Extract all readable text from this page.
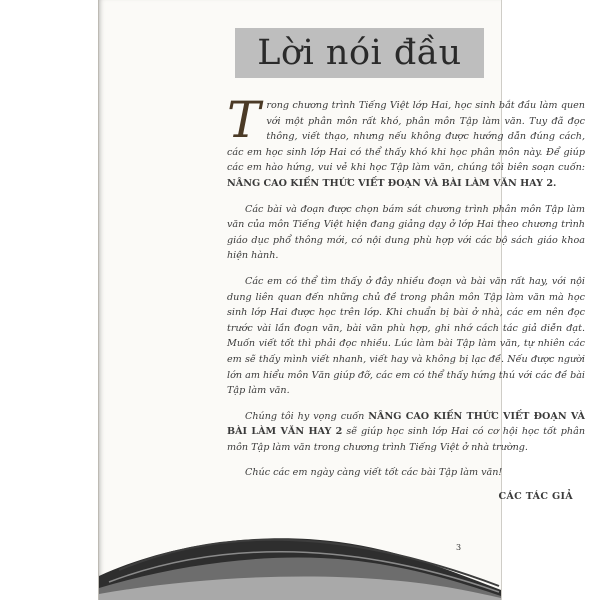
Lời nói đầu

Trong chương trình Tiếng Việt lớp Hai, học sinh bắt đầu làm quen với một phân môn rất khó, phân môn Tập làm văn. Tuy đã đọc thông, viết thạo, nhưng nếu không được hướng dẫn đúng cách, các em học sinh lớp Hai có thể thấy khó khi học phân môn này. Để giúp các em hào hứng, vui vẻ khi học Tập làm văn, chúng tôi biên soạn cuốn: NÂNG CAO KIẾN THỨC VIẾT ĐOẠN VÀ BÀI LÀM VĂN HAY 2.

Các bài và đoạn được chọn bám sát chương trình phân môn Tập làm văn của môn Tiếng Việt hiện đang giảng dạy ở lớp Hai theo chương trình giáo dục phổ thông mới, có nội dung phù hợp với các bộ sách giáo khoa hiện hành.

Các em có thể tìm thấy ở đây nhiều đoạn và bài văn rất hay, với nội dung liên quan đến những chủ đề trong phân môn Tập làm văn mà học sinh lớp Hai được học trên lớp. Khi chuẩn bị bài ở nhà, các em nên đọc trước vài lần đoạn văn, bài văn phù hợp, ghi nhớ cách tác giả diễn đạt. Muốn viết tốt thì phải đọc nhiều. Lúc làm bài Tập làm văn, tự nhiên các em sẽ thấy mình viết nhanh, viết hay và không bị lạc đề. Nếu được người lớn am hiểu môn Văn giúp đỡ, các em có thể thấy hứng thú với các đề bài Tập làm văn.

Chúng tôi hy vọng cuốn NÂNG CAO KIẾN THỨC VIẾT ĐOẠN VÀ BÀI LÀM VĂN HAY 2 sẽ giúp học sinh lớp Hai có cơ hội học tốt phân môn Tập làm văn trong chương trình Tiếng Việt ở nhà trường.

Chúc các em ngày càng viết tốt các bài Tập làm văn!

CÁC TÁC GIẢ
3
